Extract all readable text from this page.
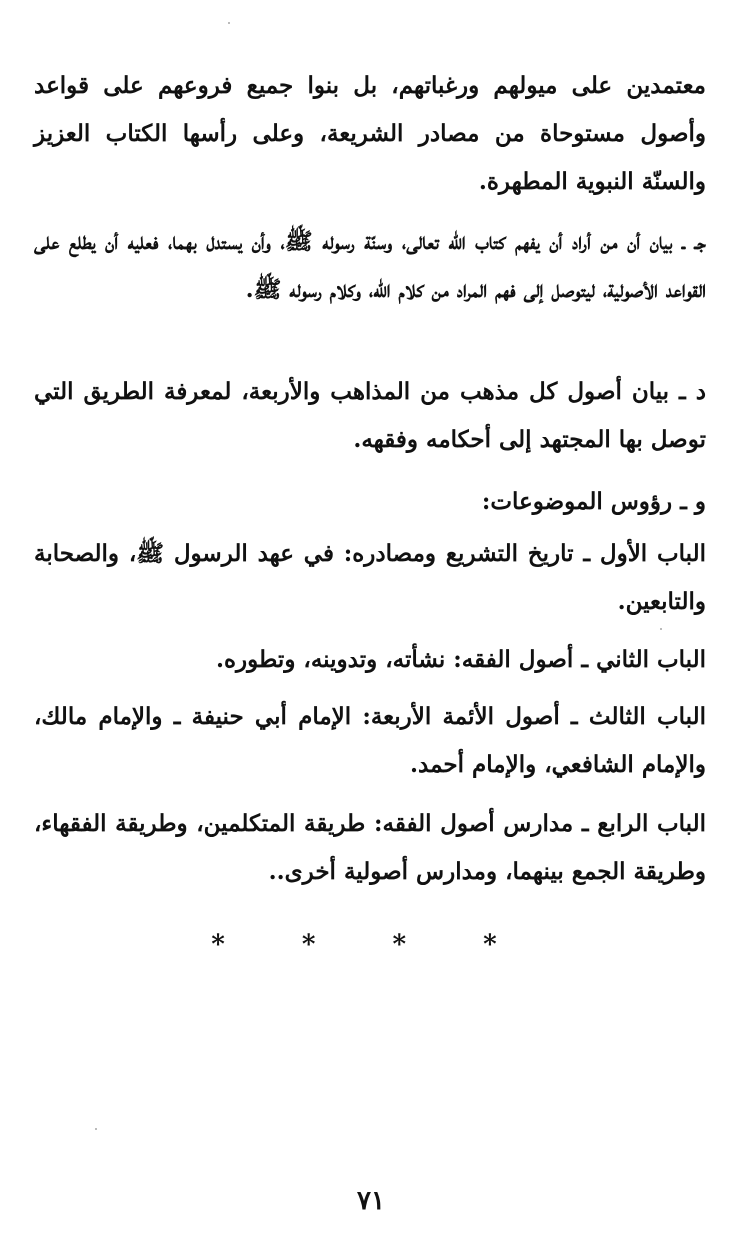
معتمدين على ميولهم ورغباتهم، بل بنوا جميع فروعهم على قواعد وأصول مستوحاة من مصادر الشريعة، وعلى رأسها الكتاب العزيز والسنّة النبوية المطهرة.

جـ ـ بيان أن من أراد أن يفهم كتاب الله تعالى، وسنّة رسوله ﷺ، وأن يستدل بهما، فعليه أن يطلع على القواعد الأصولية، ليتوصل إلى فهم المراد من كلام الله، وكلام رسوله ﷺ.

د ـ بيان أصول كل مذهب من المذاهب والأربعة، لمعرفة الطريق التي توصل بها المجتهد إلى أحكامه وفقهه.

و ـ رؤوس الموضوعات:

الباب الأول ـ تاريخ التشريع ومصادره: في عهد الرسول ﷺ، والصحابة والتابعين.

الباب الثاني ـ أصول الفقه: نشأته، وتدوينه، وتطوره.

الباب الثالث ـ أصول الأئمة الأربعة: الإمام أبي حنيفة ـ والإمام مالك، والإمام الشافعي، والإمام أحمد.

الباب الرابع ـ مدارس أصول الفقه: طريقة المتكلمين، وطريقة الفقهاء، وطريقة الجمع بينهما، ومدارس أصولية أخرى..

* * * *
٧١
